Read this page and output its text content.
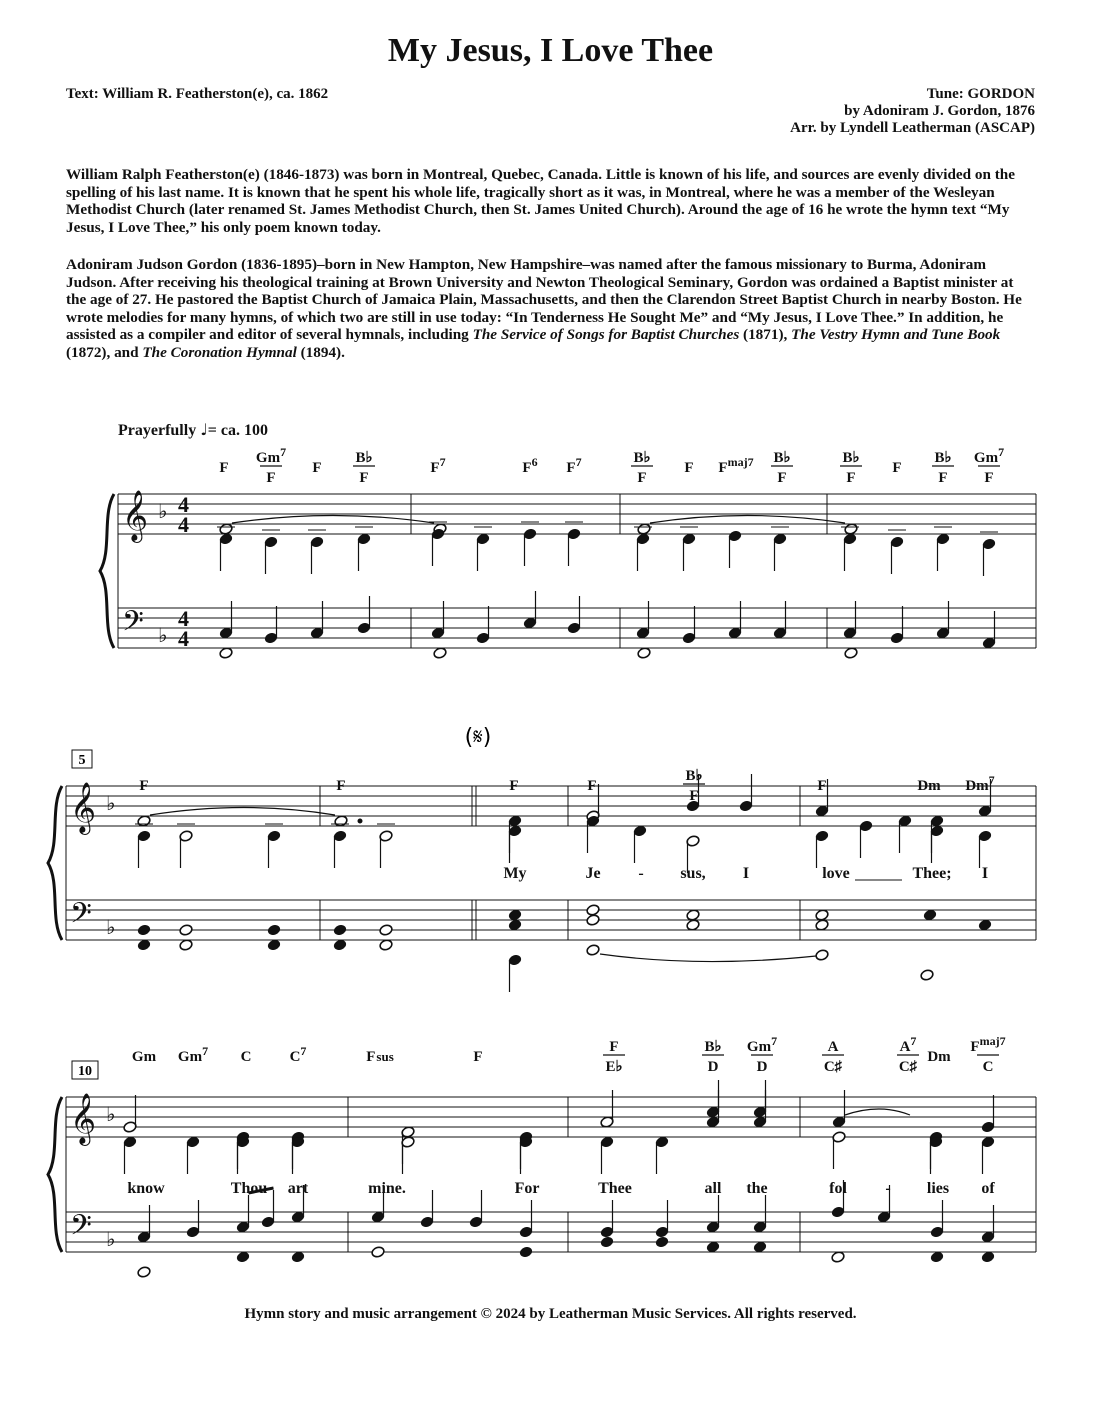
My Jesus, I Love Thee
Text: William R. Featherston(e), ca. 1862	Tune: GORDON
by Adoniram J. Gordon, 1876
Arr. by Lyndell Leatherman (ASCAP)

William Ralph Featherston(e) (1846-1873) was born in Montreal, Quebec, Canada. Little is known of his life, and sources are evenly divided on the spelling of his last name. It is known that he spent his whole life, tragically short as it was, in Montreal, where he was a member of the Wesleyan Methodist Church (later renamed St. James Methodist Church, then St. James United Church). Around the age of 16 he wrote the hymn text “My Jesus, I Love Thee,” his only poem known today.

Adoniram Judson Gordon (1836-1895)–born in New Hampton, New Hampshire–was named after the famous missionary to Burma, Adoniram Judson. After receiving his theological training at Brown University and Newton Theological Seminary, Gordon was ordained a Baptist minister at the age of 27. He pastored the Baptist Church of Jamaica Plain, Massachusetts, and then the Clarendon Street Baptist Church in nearby Boston. He wrote melodies for many hymns, of which two are still in use today: “In Tenderness He Sought Me” and “My Jesus, I Love Thee.” In addition, he assisted as a compiler and editor of several hymnals, including The Service of Songs for Baptist Churches (1871), The Vestry Hymn and Tune Book (1872), and The Coronation Hymnal (1894).

Prayerfully ♩= ca. 100
𝄞
𝄢
♭
♭
4
4
4
4
𝄞
𝄢
♭
♭
𝄞
𝄢
♭
♭
(𝄋)
5
10
F
Gm$^7$
F
F
B♭
F
$F^7$	$F^6$ $F^7$	B♭
F
F $F^{maj7}$ B♭
F
B♭
F
F
B♭
F
Gm$^7$
F
F	F	F	F
B♭
F
F	Dm Dm$^7$
Gm Gm$^7$ C	$C^7$	Fsus	F
F
E♭
B♭
D
Gm$^7$
D
A
C♯
$A^7$
C♯
Dm
$F^{maj7}$
C
My	Je - sus, I	love	Thee; I
know	Thou art	mine.	For	Thee	all the	fol - lies of
Hymn story and music arrangement © 2024 by Leatherman Music Services. All rights reserved.
